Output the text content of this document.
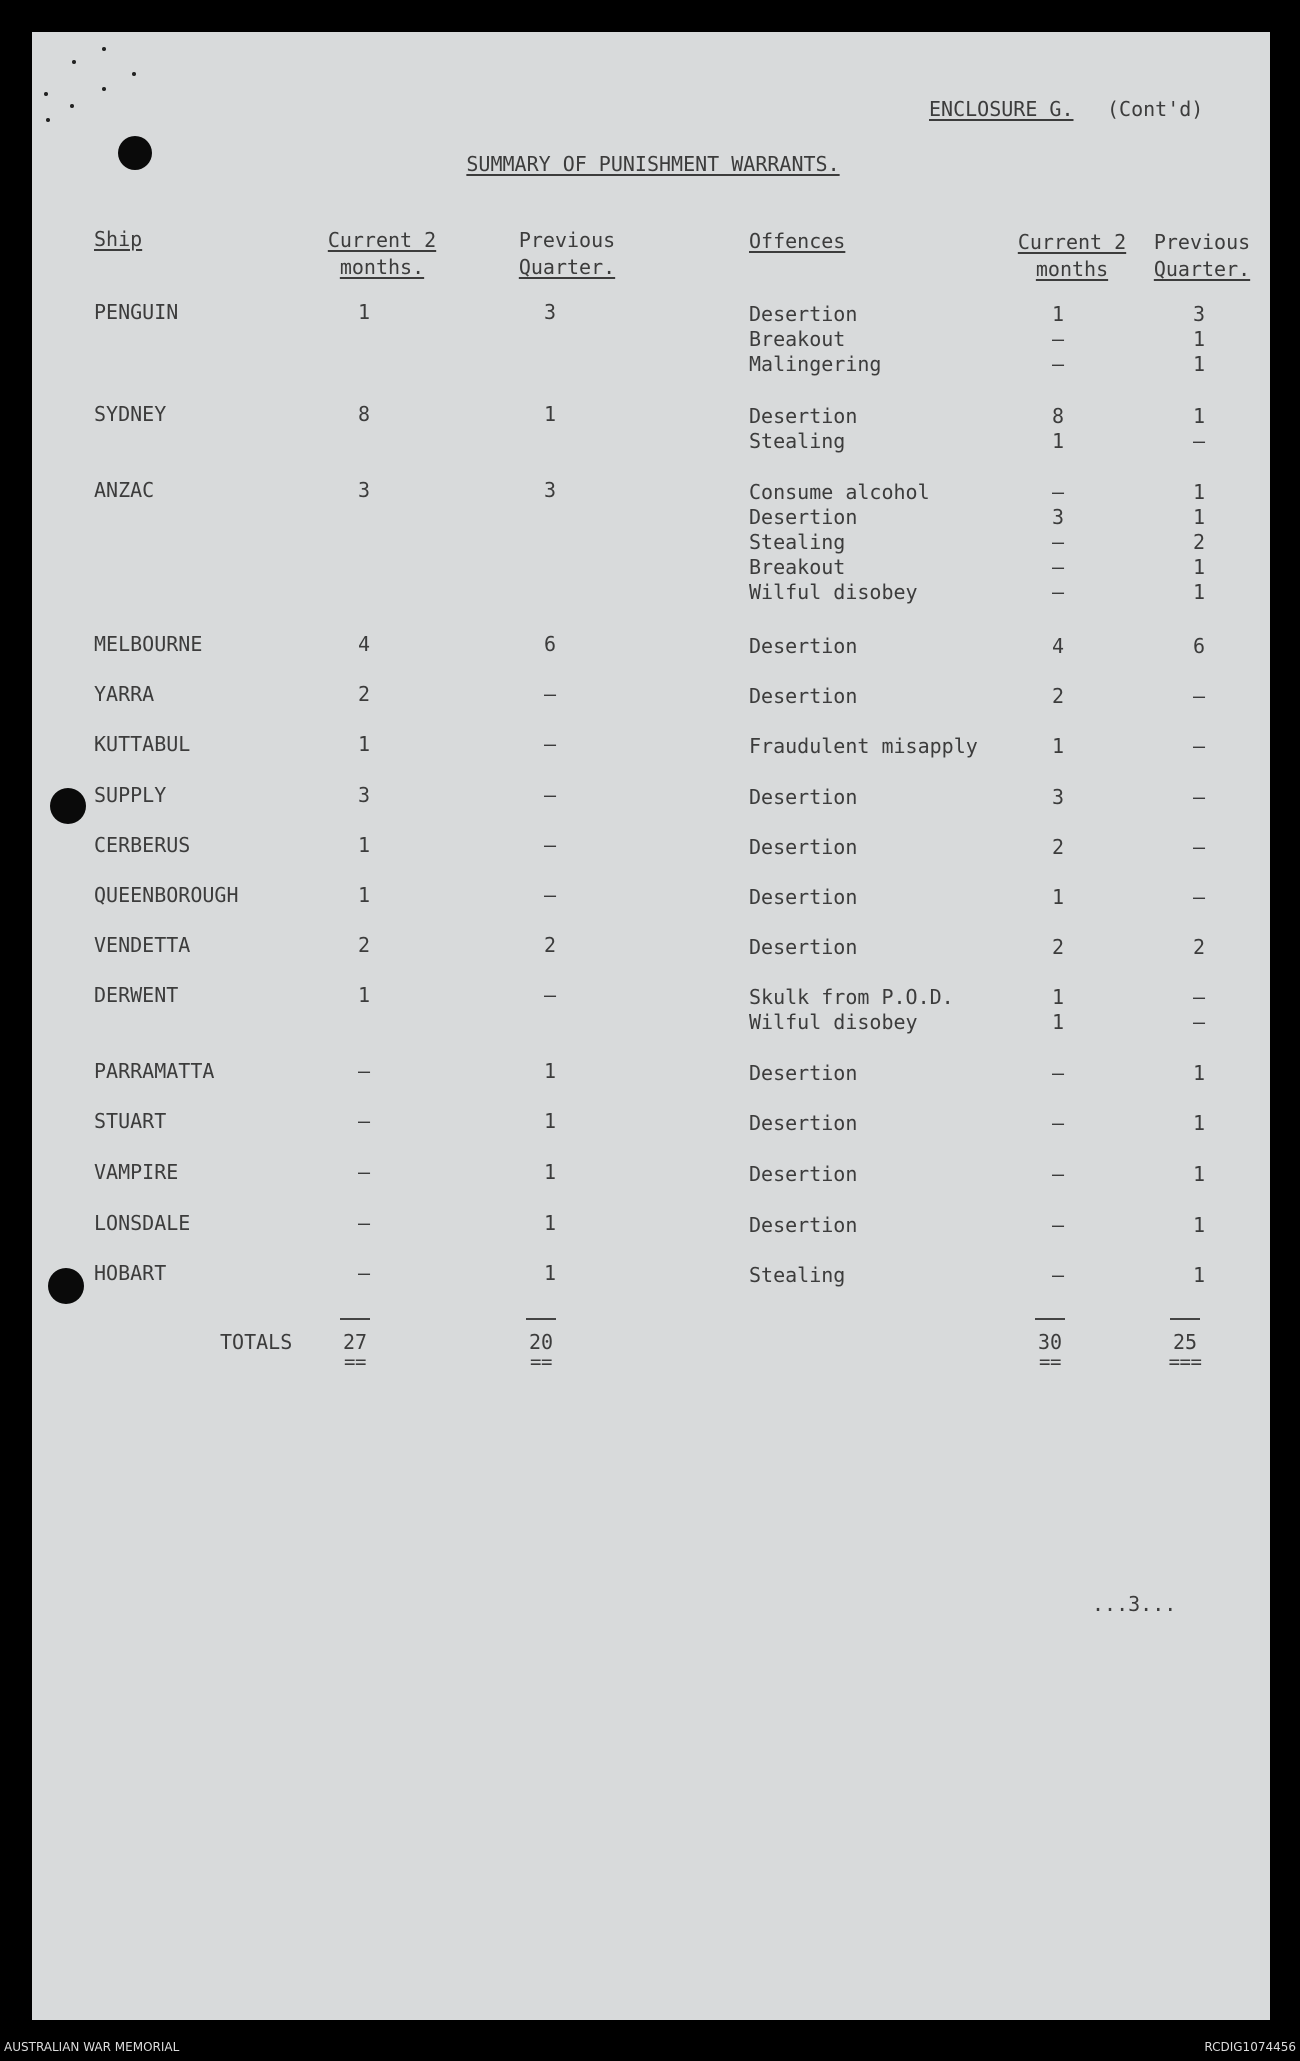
ENCLOSURE G. (Cont'd)
SUMMARY OF PUNISHMENT WARRANTS.
Ship	Current 2
months.
Previous
Quarter.
Offences	Current 2
months
Previous
Quarter.
PENGUIN	1	3	Desertion	1	3
Breakout	–	1
Malingering	–	1
SYDNEY	8	1	Desertion	8	1
Stealing	1	–
ANZAC	3	3	Consume alcohol	–	1
Desertion	3	1
Stealing	–	2
Breakout	–	1
Wilful disobey	–	1
MELBOURNE	4	6	Desertion	4	6
YARRA	2	–	Desertion	2	–
KUTTABUL	1	–	Fraudulent misapply	1	–
SUPPLY	3	–	Desertion	3	–
CERBERUS	1	–	Desertion	2	–
QUEENBOROUGH	1	–	Desertion	1	–
VENDETTA	2	2	Desertion	2	2
DERWENT	1	–	Skulk from P.O.D.	1	–
Wilful disobey	1	–
PARRAMATTA	–	1	Desertion	–	1
STUART	–	1	Desertion	–	1
VAMPIRE	–	1	Desertion	–	1
LONSDALE	–	1	Desertion	–	1
HOBART	–	1	Stealing	–	1
TOTALS	27	20	30	25
==	==	==	===
...3...
AUSTRALIAN WAR MEMORIAL	RCDIG1074456
